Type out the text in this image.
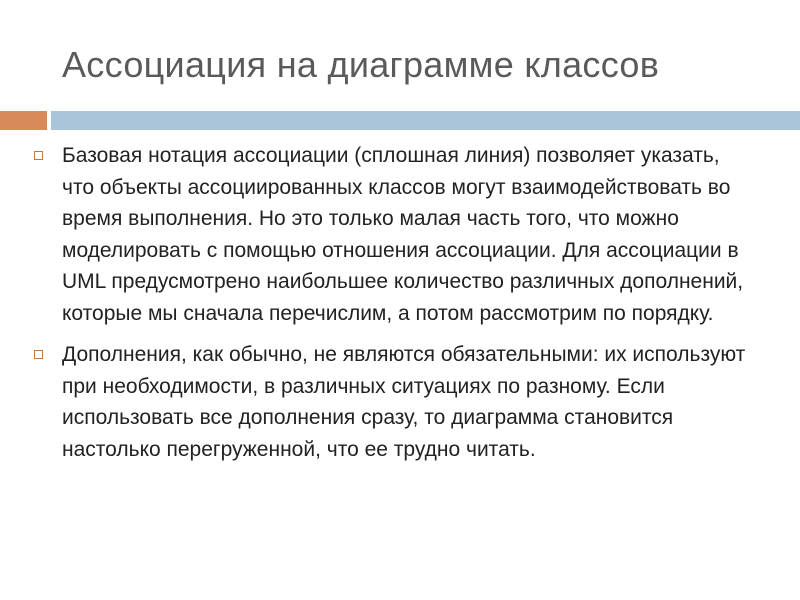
Ассоциация на диаграмме классов
Базовая нотация ассоциации (сплошная линия) позволяет указать, что объекты ассоциированных классов могут взаимодействовать во время выполнения. Но это только малая часть того, что можно моделировать с помощью отношения ассоциации. Для ассоциации в UML предусмотрено наибольшее количество различных дополнений, которые мы сначала перечислим, а потом рассмотрим по порядку.
Дополнения, как обычно, не являются обязательными: их используют при необходимости, в различных ситуациях по разному. Если использовать все дополнения сразу, то диаграмма становится настолько перегруженной, что ее трудно читать.
